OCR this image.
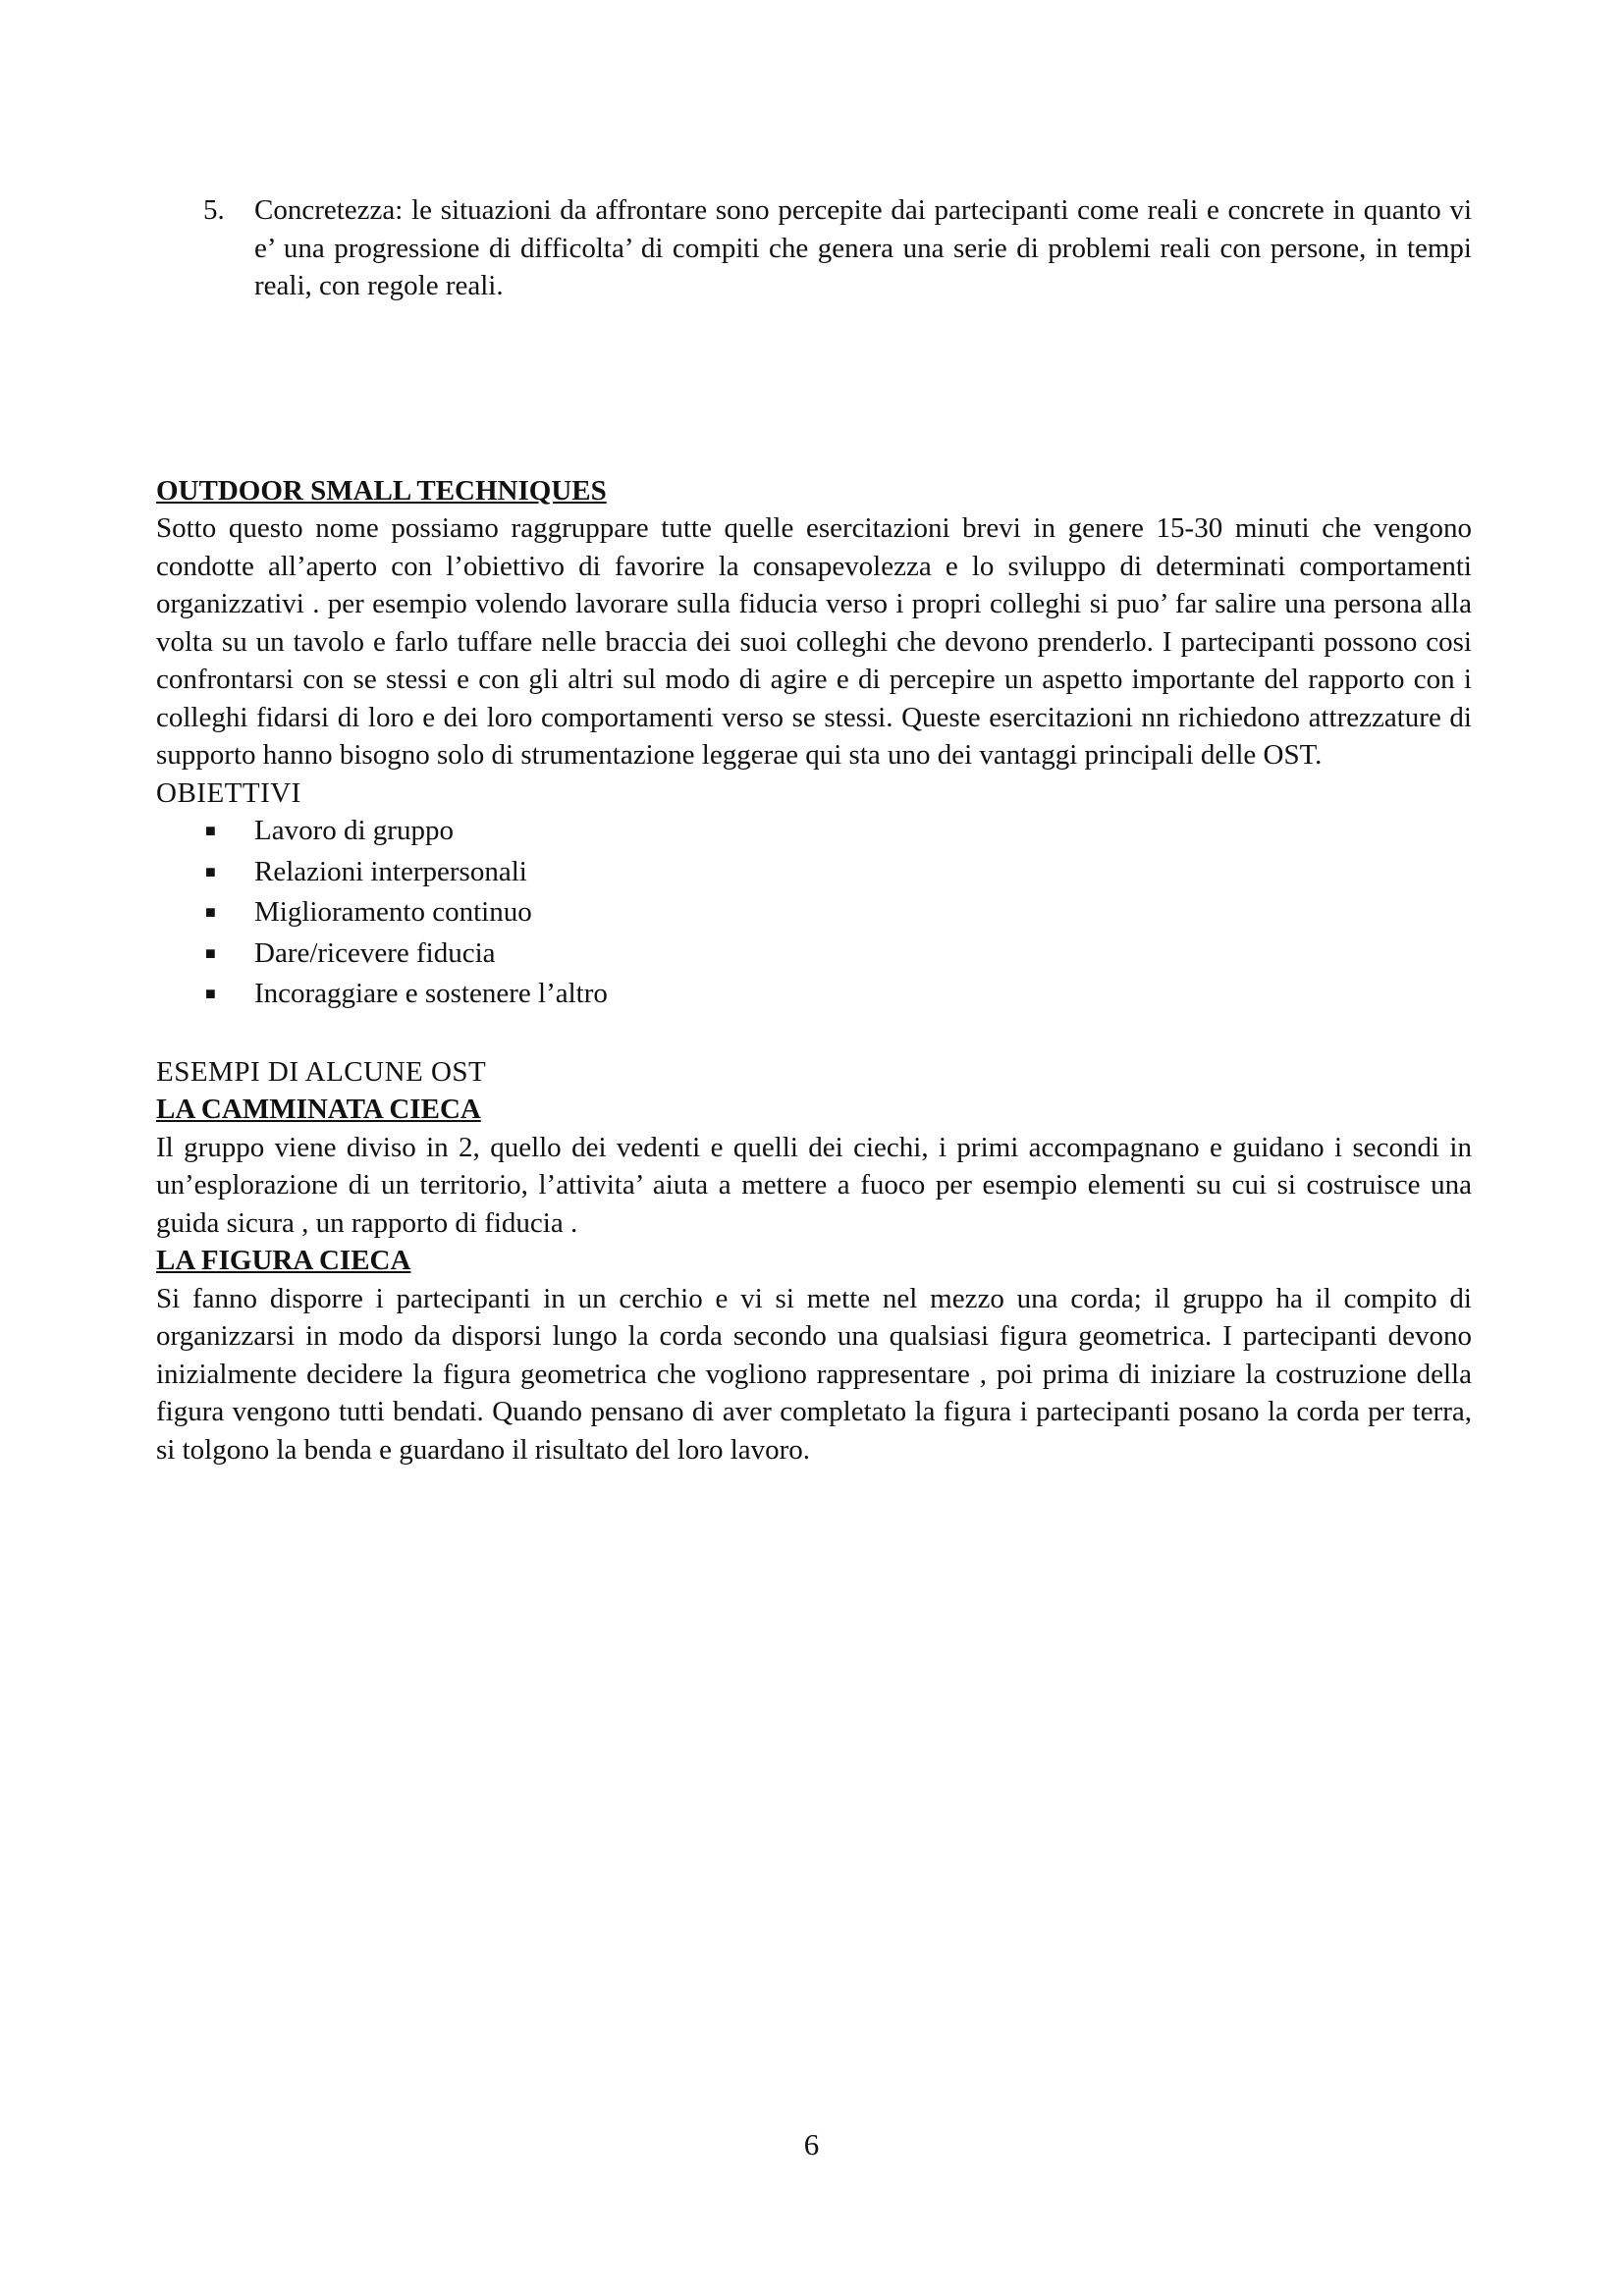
5.	Concretezza: le situazioni da affrontare sono percepite dai partecipanti come reali e concrete in quanto vi e’ una progressione di difficolta’ di compiti che genera una serie di problemi reali con persone, in tempi reali, con regole reali.

OUTDOOR SMALL TECHNIQUES

Sotto questo nome possiamo raggruppare tutte quelle esercitazioni brevi in genere 15-30 minuti che vengono condotte all’aperto con l’obiettivo di favorire la consapevolezza e lo sviluppo di determinati comportamenti organizzativi . per esempio volendo lavorare sulla fiducia verso i propri colleghi si puo’ far salire una persona alla volta su un tavolo e farlo tuffare nelle braccia dei suoi colleghi che devono prenderlo. I partecipanti possono cosi confrontarsi con se stessi e con gli altri sul modo di agire e di percepire un aspetto importante del rapporto con i colleghi fidarsi di loro e dei loro comportamenti verso se stessi. Queste esercitazioni nn richiedono attrezzature di supporto hanno bisogno solo di strumentazione leggerae qui sta uno dei vantaggi principali delle OST.

OBIETTIVI

■	Lavoro di gruppo
■	Relazioni interpersonali
■	Miglioramento continuo
■	Dare/ricevere fiducia
■	Incoraggiare e sostenere l’altro

ESEMPI DI ALCUNE OST

LA CAMMINATA CIECA

Il gruppo viene diviso in 2, quello dei vedenti e quelli dei ciechi, i primi accompagnano e guidano i secondi in un’esplorazione di un territorio, l’attivita’ aiuta a mettere a fuoco per esempio elementi su cui si costruisce una guida sicura , un rapporto di fiducia .

LA FIGURA CIECA

Si fanno disporre i partecipanti in un cerchio e vi si mette nel mezzo una corda; il gruppo ha il compito di organizzarsi in modo da disporsi lungo la corda secondo una qualsiasi figura geometrica. I partecipanti devono inizialmente decidere la figura geometrica che vogliono rappresentare , poi prima di iniziare la costruzione della figura vengono tutti bendati. Quando pensano di aver completato la figura i partecipanti posano la corda per terra, si tolgono la benda e guardano il risultato del loro lavoro.

6
